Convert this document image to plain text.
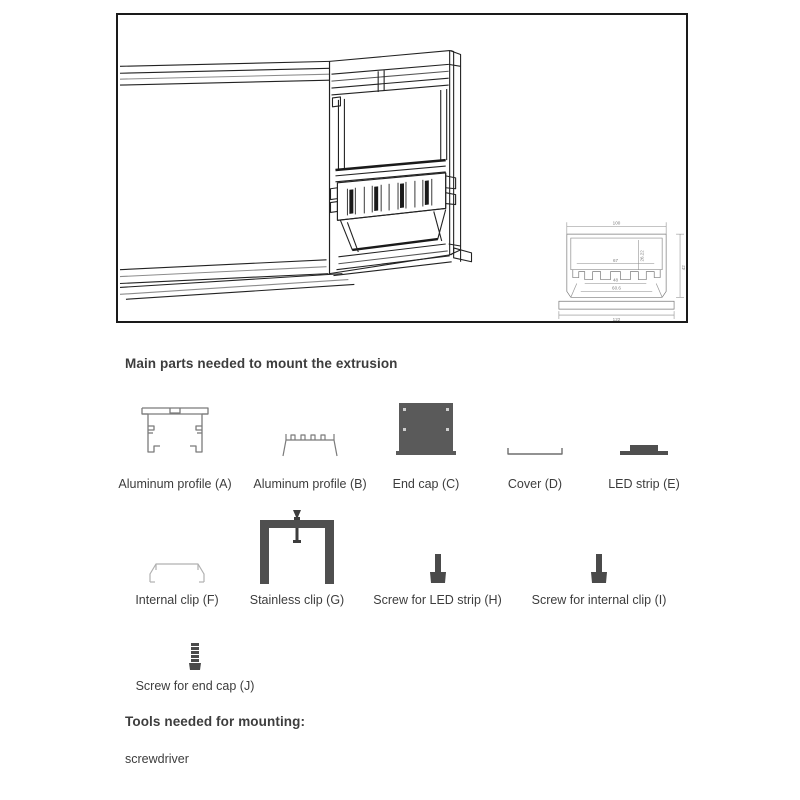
100
122
42
26.22
67
48
60.6
Main parts needed to mount the extrusion
Aluminum profile (A) Aluminum profile (B)	End cap (C)	Cover (D)	LED strip (E)
Internal clip (F)	Stainless clip (G)	Screw for LED strip (H)	Screw for internal clip (I)
Screw for end cap (J)
Tools needed for mounting:
screwdriver
